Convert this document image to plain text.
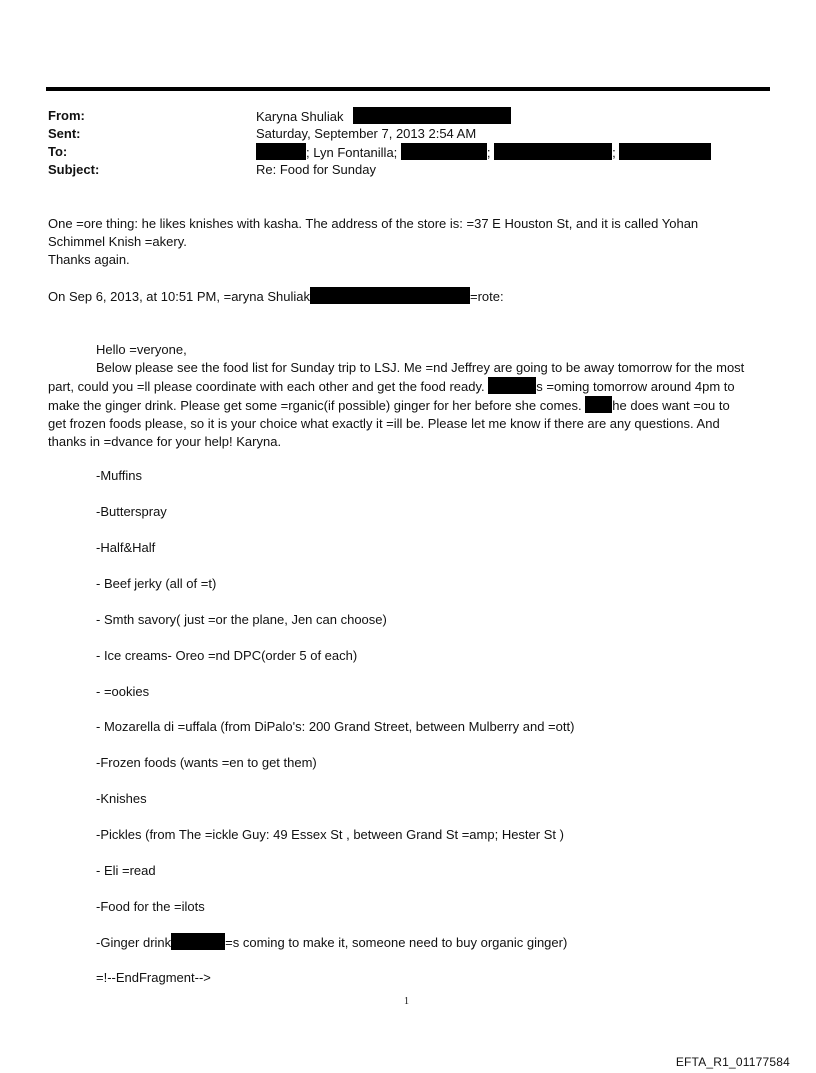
From:	Karyna Shuliak
Sent:	Saturday, September 7, 2013 2:54 AM
To:	; Lyn Fontanilla;	;	;
Subject:	Re: Food for Sunday
One =ore thing: he likes knishes with kasha. The address of the store is: =37 E Houston St, and it is called Yohan
Schimmel Knish =akery.
Thanks again.
On Sep 6, 2013, at 10:51 PM, =aryna Shuliak	=rote:
Hello =veryone,
Below please see the food list for Sunday trip to LSJ. Me =nd Jeffrey are going to be away tomorrow for the most
part, could you =ll please coordinate with each other and get the food ready.	s =oming tomorrow around 4pm to
make the ginger drink. Please get some =rganic(if possible) ginger for her before she comes. he does want =ou to
get frozen foods please, so it is your choice what exactly it =ill be. Please let me know if there are any questions. And
thanks in =dvance for your help! Karyna.
-Muffins
-Butterspray
-Half&Half
- Beef jerky (all of =t)
- Smth savory( just =or the plane, Jen can choose)
- Ice creams- Oreo =nd DPC(order 5 of each)
- =ookies
- Mozarella di =uffala (from DiPalo's: 200 Grand Street, between Mulberry and =ott)
-Frozen foods (wants =en to get them)
-Knishes
-Pickles (from The =ickle Guy: 49 Essex St , between Grand St =amp; Hester St )
- Eli =read
-Food for the =ilots
-Ginger drink	=s coming to make it, someone need to buy organic ginger)
=!--EndFragment-->
1
EFTA_R1_01177584
